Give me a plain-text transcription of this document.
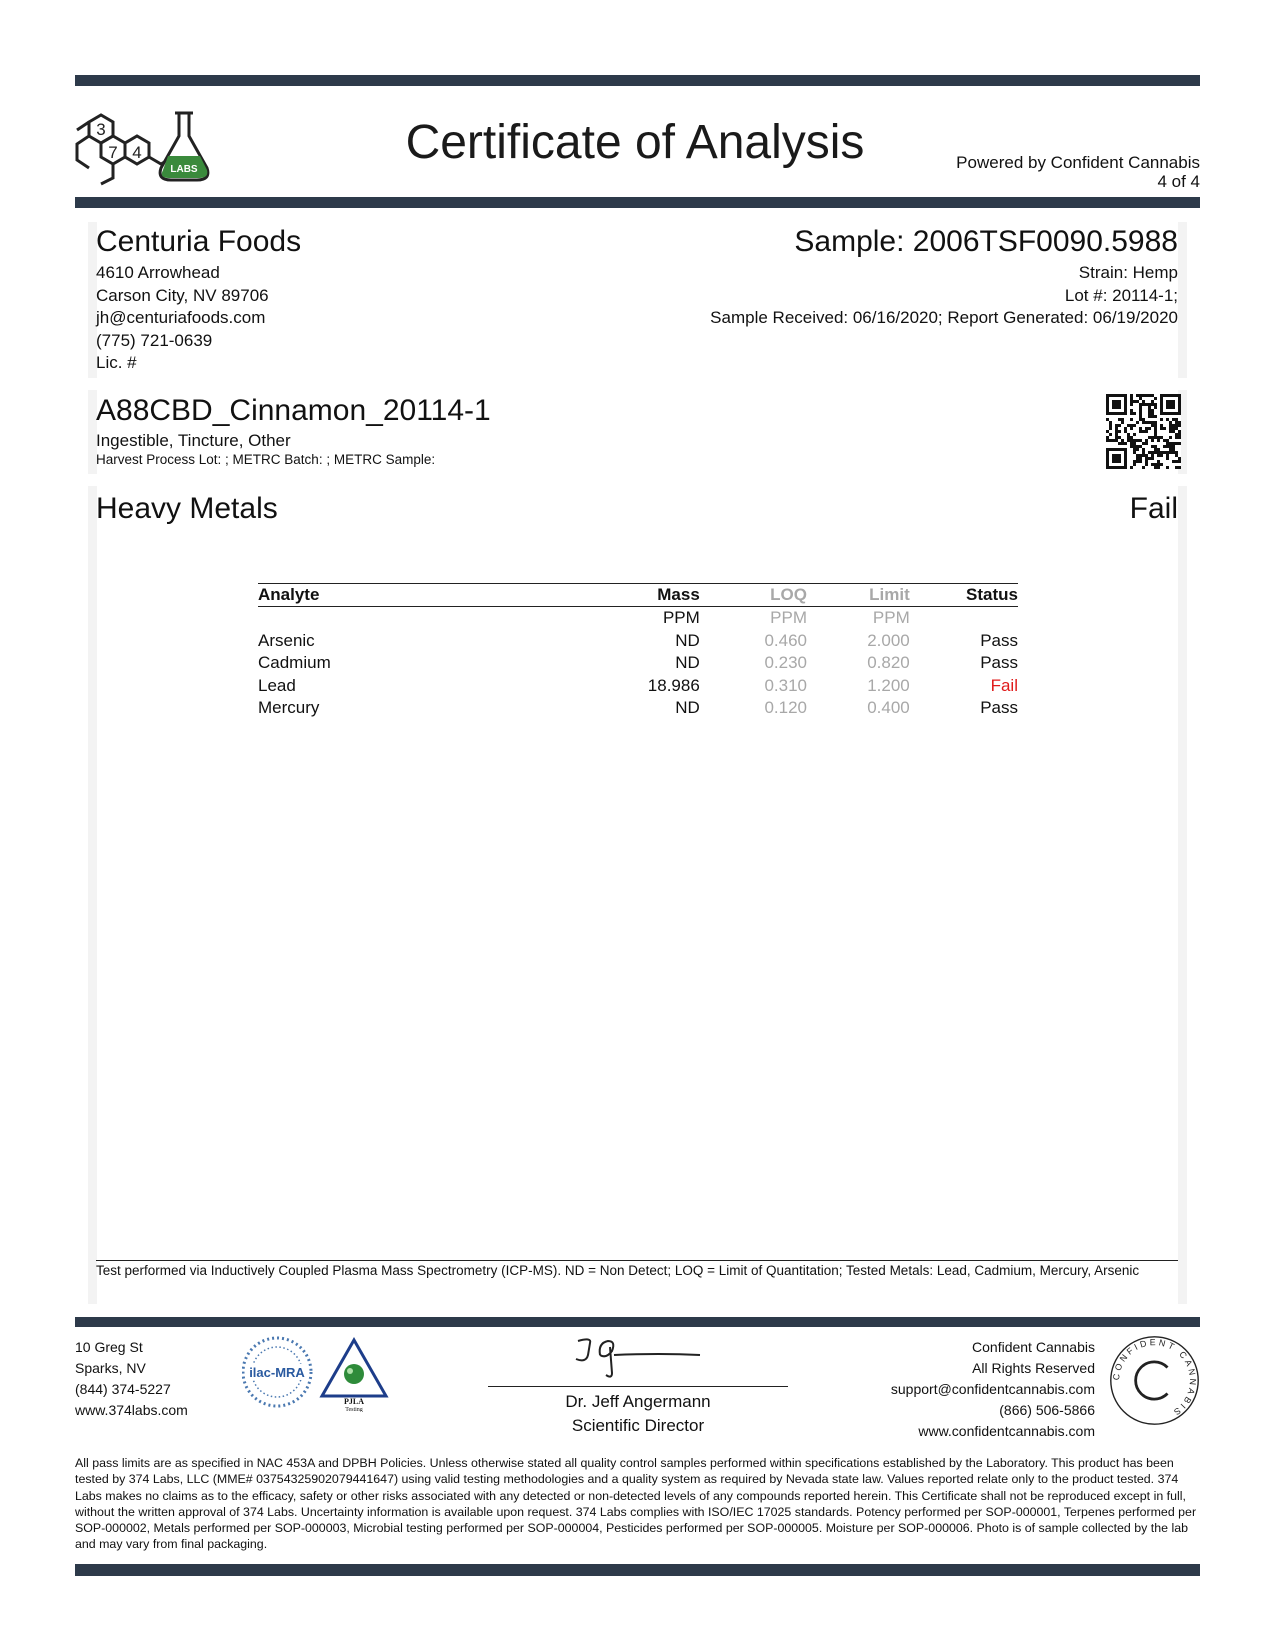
3
7 4
LABS
Certificate of Analysis	Powered by Confident Cannabis
4 of 4
Centuria Foods
4610 Arrowhead
Carson City, NV 89706
jh@centuriafoods.com
(775) 721-0639
Lic. #
Sample: 2006TSF0090.5988
Strain: Hemp
Lot #: 20114-1;
Sample Received: 06/16/2020; Report Generated: 06/19/2020
A88CBD_Cinnamon_20114-1
Ingestible, Tincture, Other
Harvest Process Lot: ; METRC Batch: ; METRC Sample:
Heavy Metals	Fail
Analyte	Mass	LOQ	Limit	Status
	PPM	PPM	PPM	
Arsenic	ND	0.460	2.000	Pass
Cadmium	ND	0.230	0.820	Pass
Lead	18.986	0.310	1.200	Fail
Mercury	ND	0.120	0.400	Pass
Test performed via Inductively Coupled Plasma Mass Spectrometry (ICP-MS). ND = Non Detect; LOQ = Limit of Quantitation; Tested Metals: Lead, Cadmium, Mercury, Arsenic
10 Greg St
Sparks, NV
(844) 374-5227
www.374labs.com
ilac-MRA
PJLA
Testing	Dr. Jeff Angermann
Scientific Director
Confident Cannabis
All Rights Reserved
support@confidentcannabis.com
(866) 506-5866
www.confidentcannabis.com
CONFIDENT CANNABIS
All pass limits are as specified in NAC 453A and DPBH Policies. Unless otherwise stated all quality control samples performed within specifications established by the Laboratory. This product has been tested by 374 Labs, LLC (MME# 03754325902079441647) using valid testing methodologies and a quality system as required by Nevada state law. Values reported relate only to the product tested. 374 Labs makes no claims as to the efficacy, safety or other risks associated with any detected or non-detected levels of any compounds reported herein. This Certificate shall not be reproduced except in full, without the written approval of 374 Labs. Uncertainty information is available upon request. 374 Labs complies with ISO/IEC 17025 standards. Potency performed per SOP-000001, Terpenes performed per SOP-000002, Metals performed per SOP-000003, Microbial testing performed per SOP-000004, Pesticides performed per SOP-000005. Moisture per SOP-000006. Photo is of sample collected by the lab and may vary from final packaging.
